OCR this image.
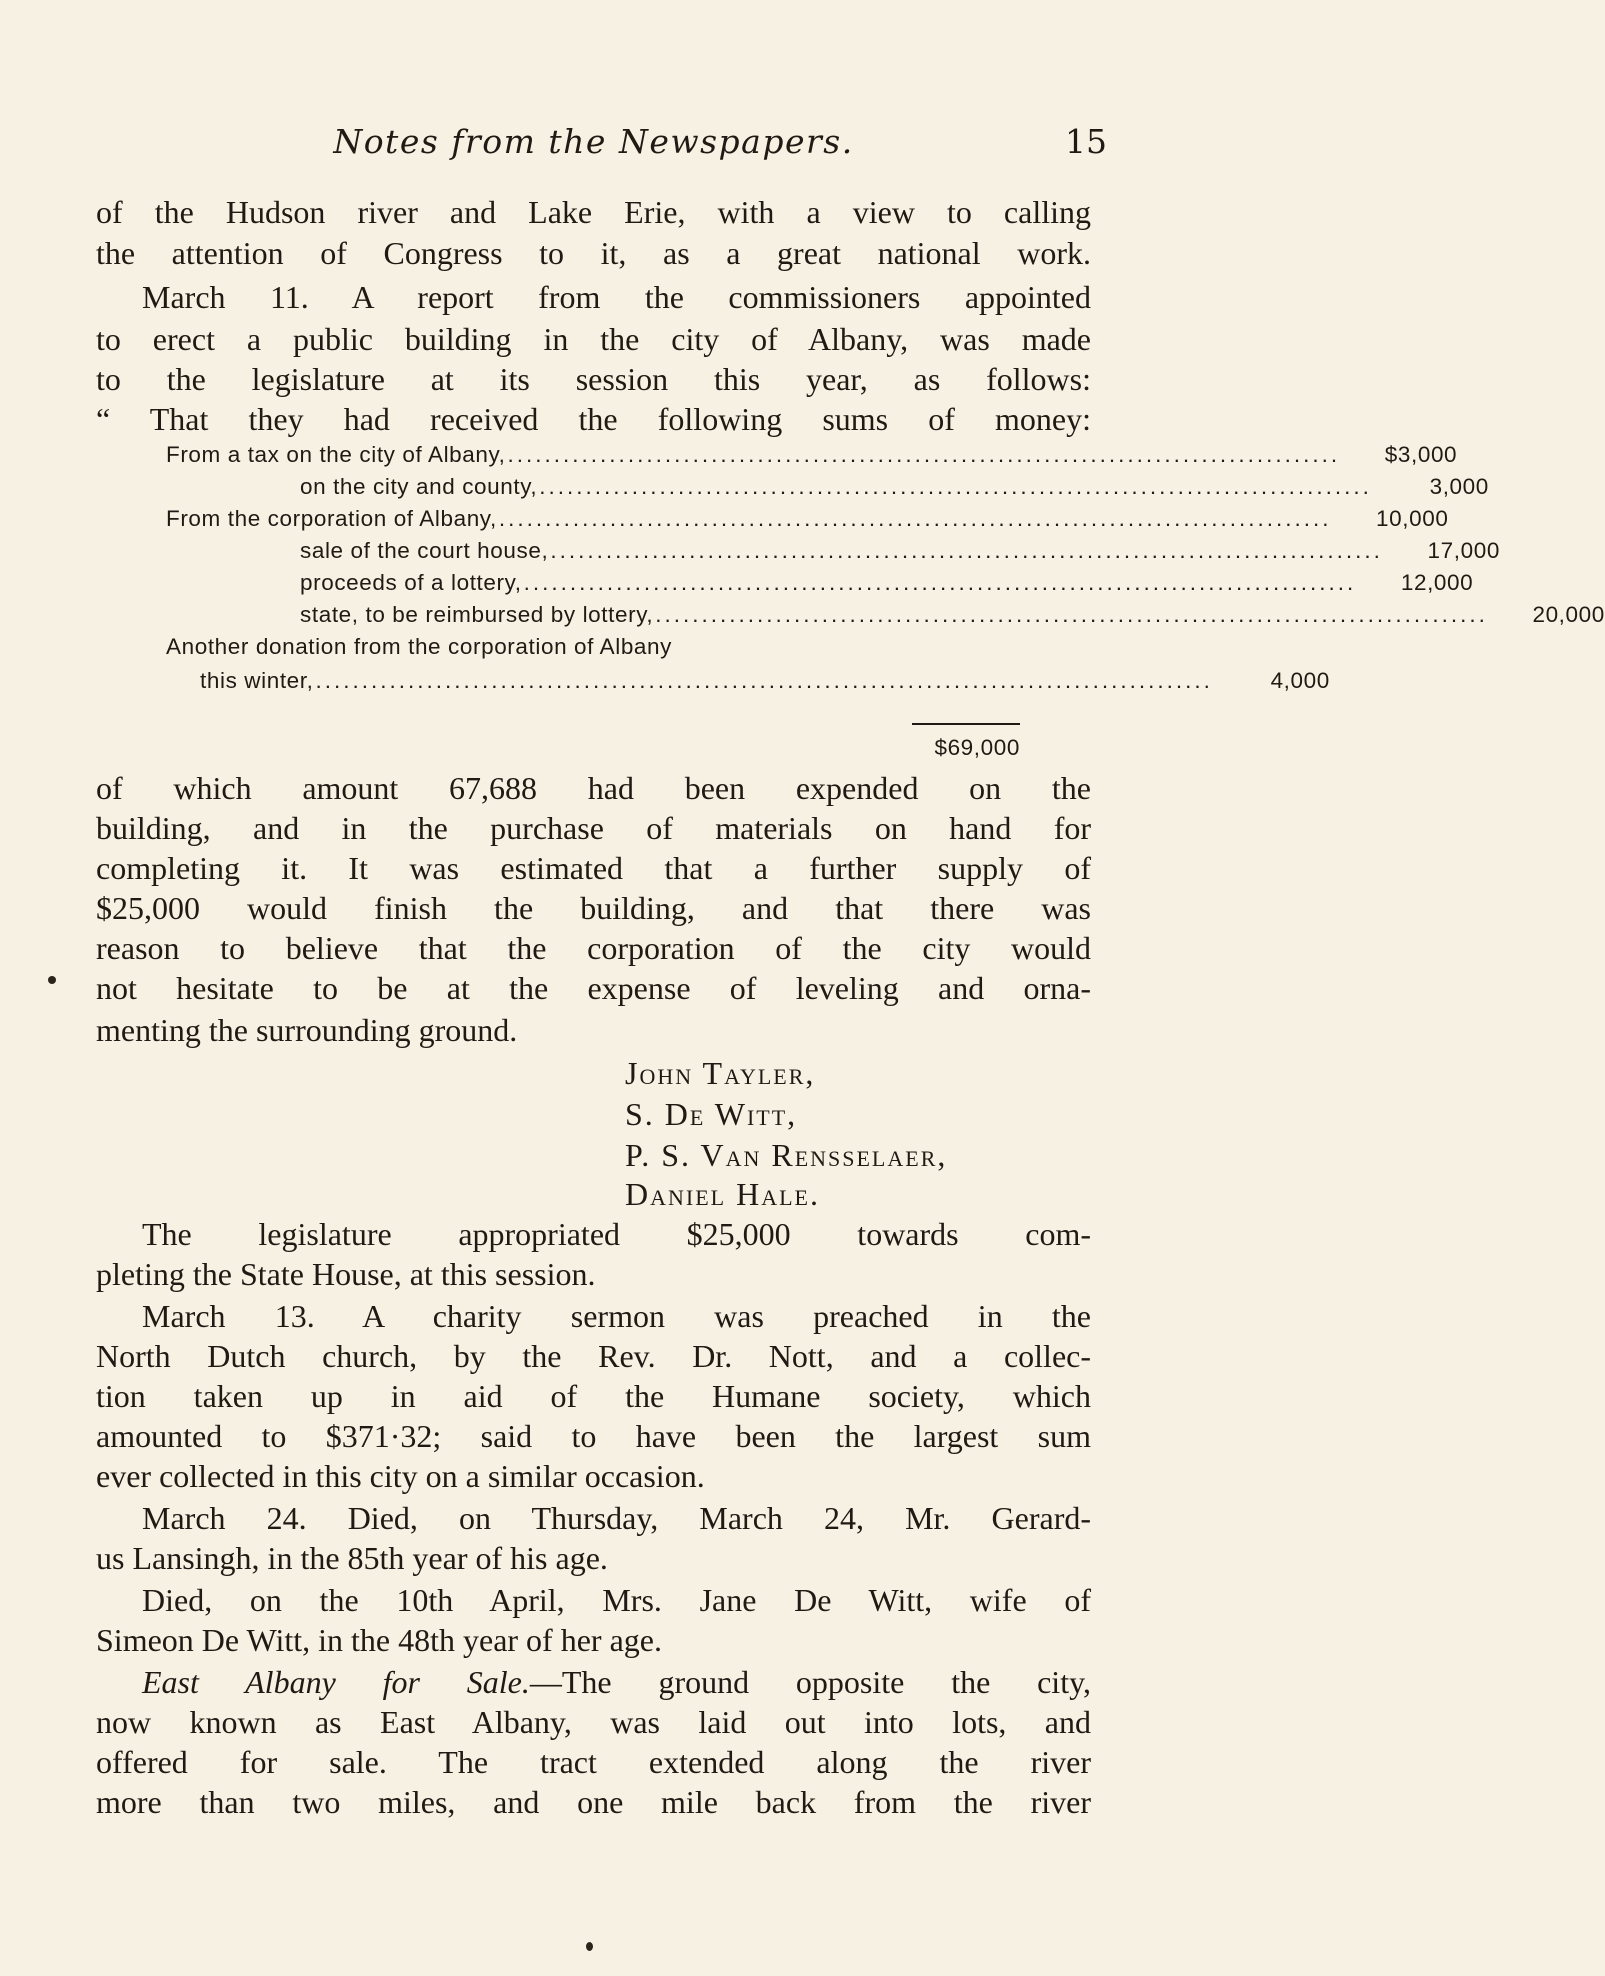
Notes from the Newspapers.	15
of the Hudson river and Lake Erie, with a view to calling
the attention of Congress to it, as a great national work.
March 11. A report from the commissioners appointed
to erect a public building in the city of Albany, was made
to the legislature at its session this year, as follows:
“ That they had received the following sums of money:
From a tax on the city of Albany, ..........................................................................................	$3,000
on the city and county, ..........................................................................................	3,000
From the corporation of Albany, ..........................................................................................	10,000
sale of the court house, ..........................................................................................	17,000
proceeds of a lottery, ..........................................................................................	12,000
state, to be reimbursed by lottery, ..........................................................................................	20,000
Another donation from the corporation of Albany
this winter, .................................................................................................	4,000
$69,000
of which amount 67,688 had been expended on the
building, and in the purchase of materials on hand for
completing it. It was estimated that a further supply of
$25,000 would finish the building, and that there was
reason to believe that the corporation of the city would
not hesitate to be at the expense of leveling and orna-
menting the surrounding ground.
John Tayler,
S. De Witt,
P. S. Van Rensselaer,
Daniel Hale.
The legislature appropriated $25,000 towards com-
pleting the State House, at this session.
March 13. A charity sermon was preached in the
North Dutch church, by the Rev. Dr. Nott, and a collec-
tion taken up in aid of the Humane society, which
amounted to $371·32; said to have been the largest sum
ever collected in this city on a similar occasion.
March 24. Died, on Thursday, March 24, Mr. Gerard-
us Lansingh, in the 85th year of his age.
Died, on the 10th April, Mrs. Jane De Witt, wife of
Simeon De Witt, in the 48th year of her age.
East Albany for Sale.—The ground opposite the city,
now known as East Albany, was laid out into lots, and
offered for sale. The tract extended along the river
more than two miles, and one mile back from the river
